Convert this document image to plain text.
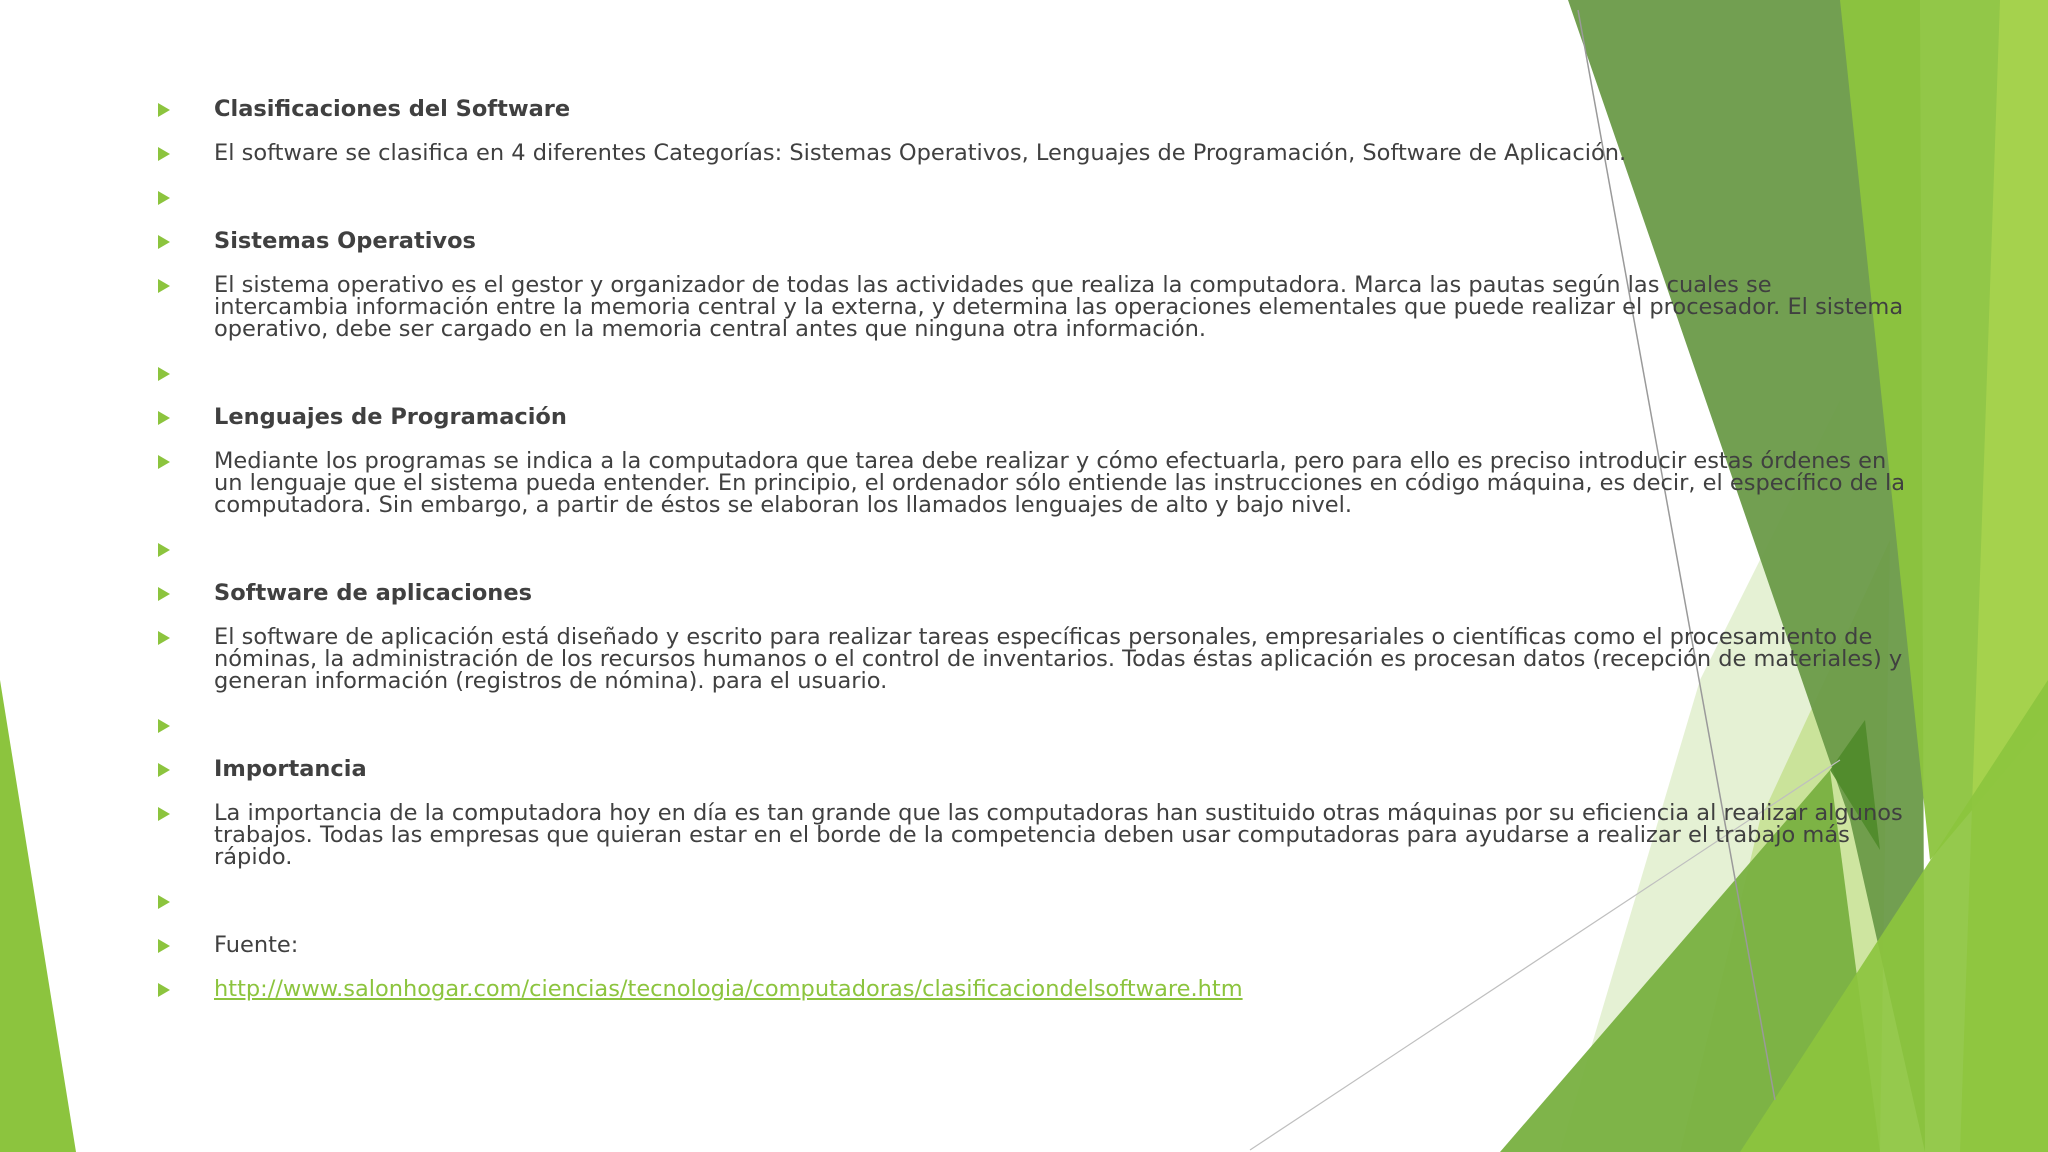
Clasificaciones del Software
El software se clasifica en 4 diferentes Categorías: Sistemas Operativos, Lenguajes de Programación, Software de Aplicación.
Sistemas Operativos
El sistema operativo es el gestor y organizador de todas las actividades que realiza la computadora. Marca las pautas según las cuales se intercambia información entre la memoria central y la externa, y determina las operaciones elementales que puede realizar el procesador. El sistema operativo, debe ser cargado en la memoria central antes que ninguna otra información.
Lenguajes de Programación
Mediante los programas se indica a la computadora que tarea debe realizar y cómo efectuarla, pero para ello es preciso introducir estas órdenes en un lenguaje que el sistema pueda entender. En principio, el ordenador sólo entiende las instrucciones en código máquina, es decir, el específico de la computadora. Sin embargo, a partir de éstos se elaboran los llamados lenguajes de alto y bajo nivel.
Software de aplicaciones
El software de aplicación está diseñado y escrito para realizar tareas específicas personales, empresariales o científicas como el procesamiento de nóminas, la administración de los recursos humanos o el control de inventarios. Todas éstas aplicación es procesan datos (recepción de materiales) y generan información (registros de nómina). para el usuario.
Importancia
La importancia de la computadora hoy en día es tan grande que las computadoras han sustituido otras máquinas por su eficiencia al realizar algunos trabajos. Todas las empresas que quieran estar en el borde de la competencia deben usar computadoras para ayudarse a realizar el trabajo más rápido.
Fuente:
http://www.salonhogar.com/ciencias/tecnologia/computadoras/clasificaciondelsoftware.htm
